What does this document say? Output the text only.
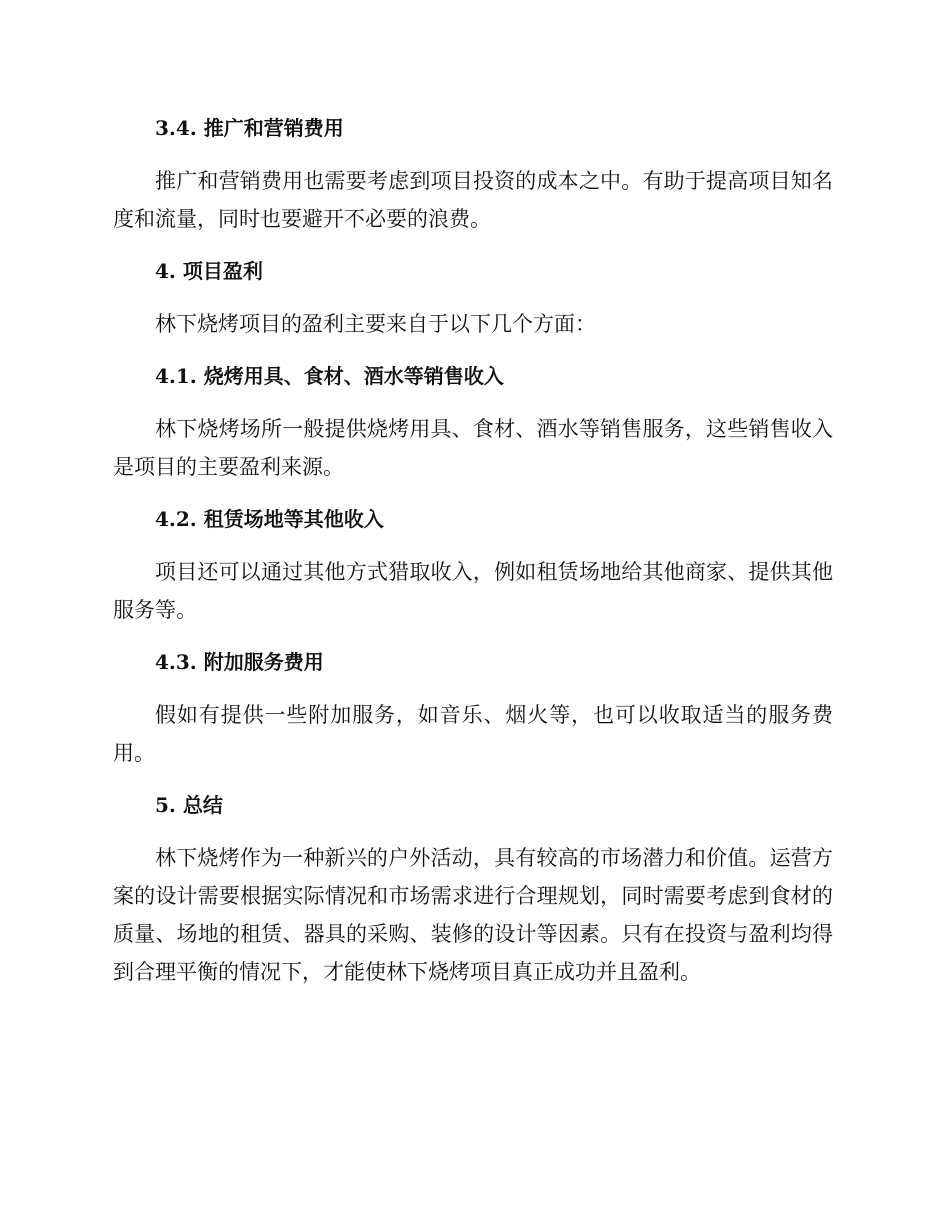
3.4. 推广和营销费用

推广和营销费用也需要考虑到项目投资的成本之中。有助于提高项目知名度和流量，同时也要避开不必要的浪费。

4. 项目盈利

林下烧烤项目的盈利主要来自于以下几个方面：

4.1. 烧烤用具、食材、酒水等销售收入

林下烧烤场所一般提供烧烤用具、食材、酒水等销售服务，这些销售收入是项目的主要盈利来源。

4.2. 租赁场地等其他收入

项目还可以通过其他方式猎取收入，例如租赁场地给其他商家、提供其他服务等。

4.3. 附加服务费用

假如有提供一些附加服务，如音乐、烟火等，也可以收取适当的服务费用。

5. 总结

林下烧烤作为一种新兴的户外活动，具有较高的市场潜力和价值。运营方案的设计需要根据实际情况和市场需求进行合理规划，同时需要考虑到食材的质量、场地的租赁、器具的采购、装修的设计等因素。只有在投资与盈利均得到合理平衡的情况下，才能使林下烧烤项目真正成功并且盈利。
